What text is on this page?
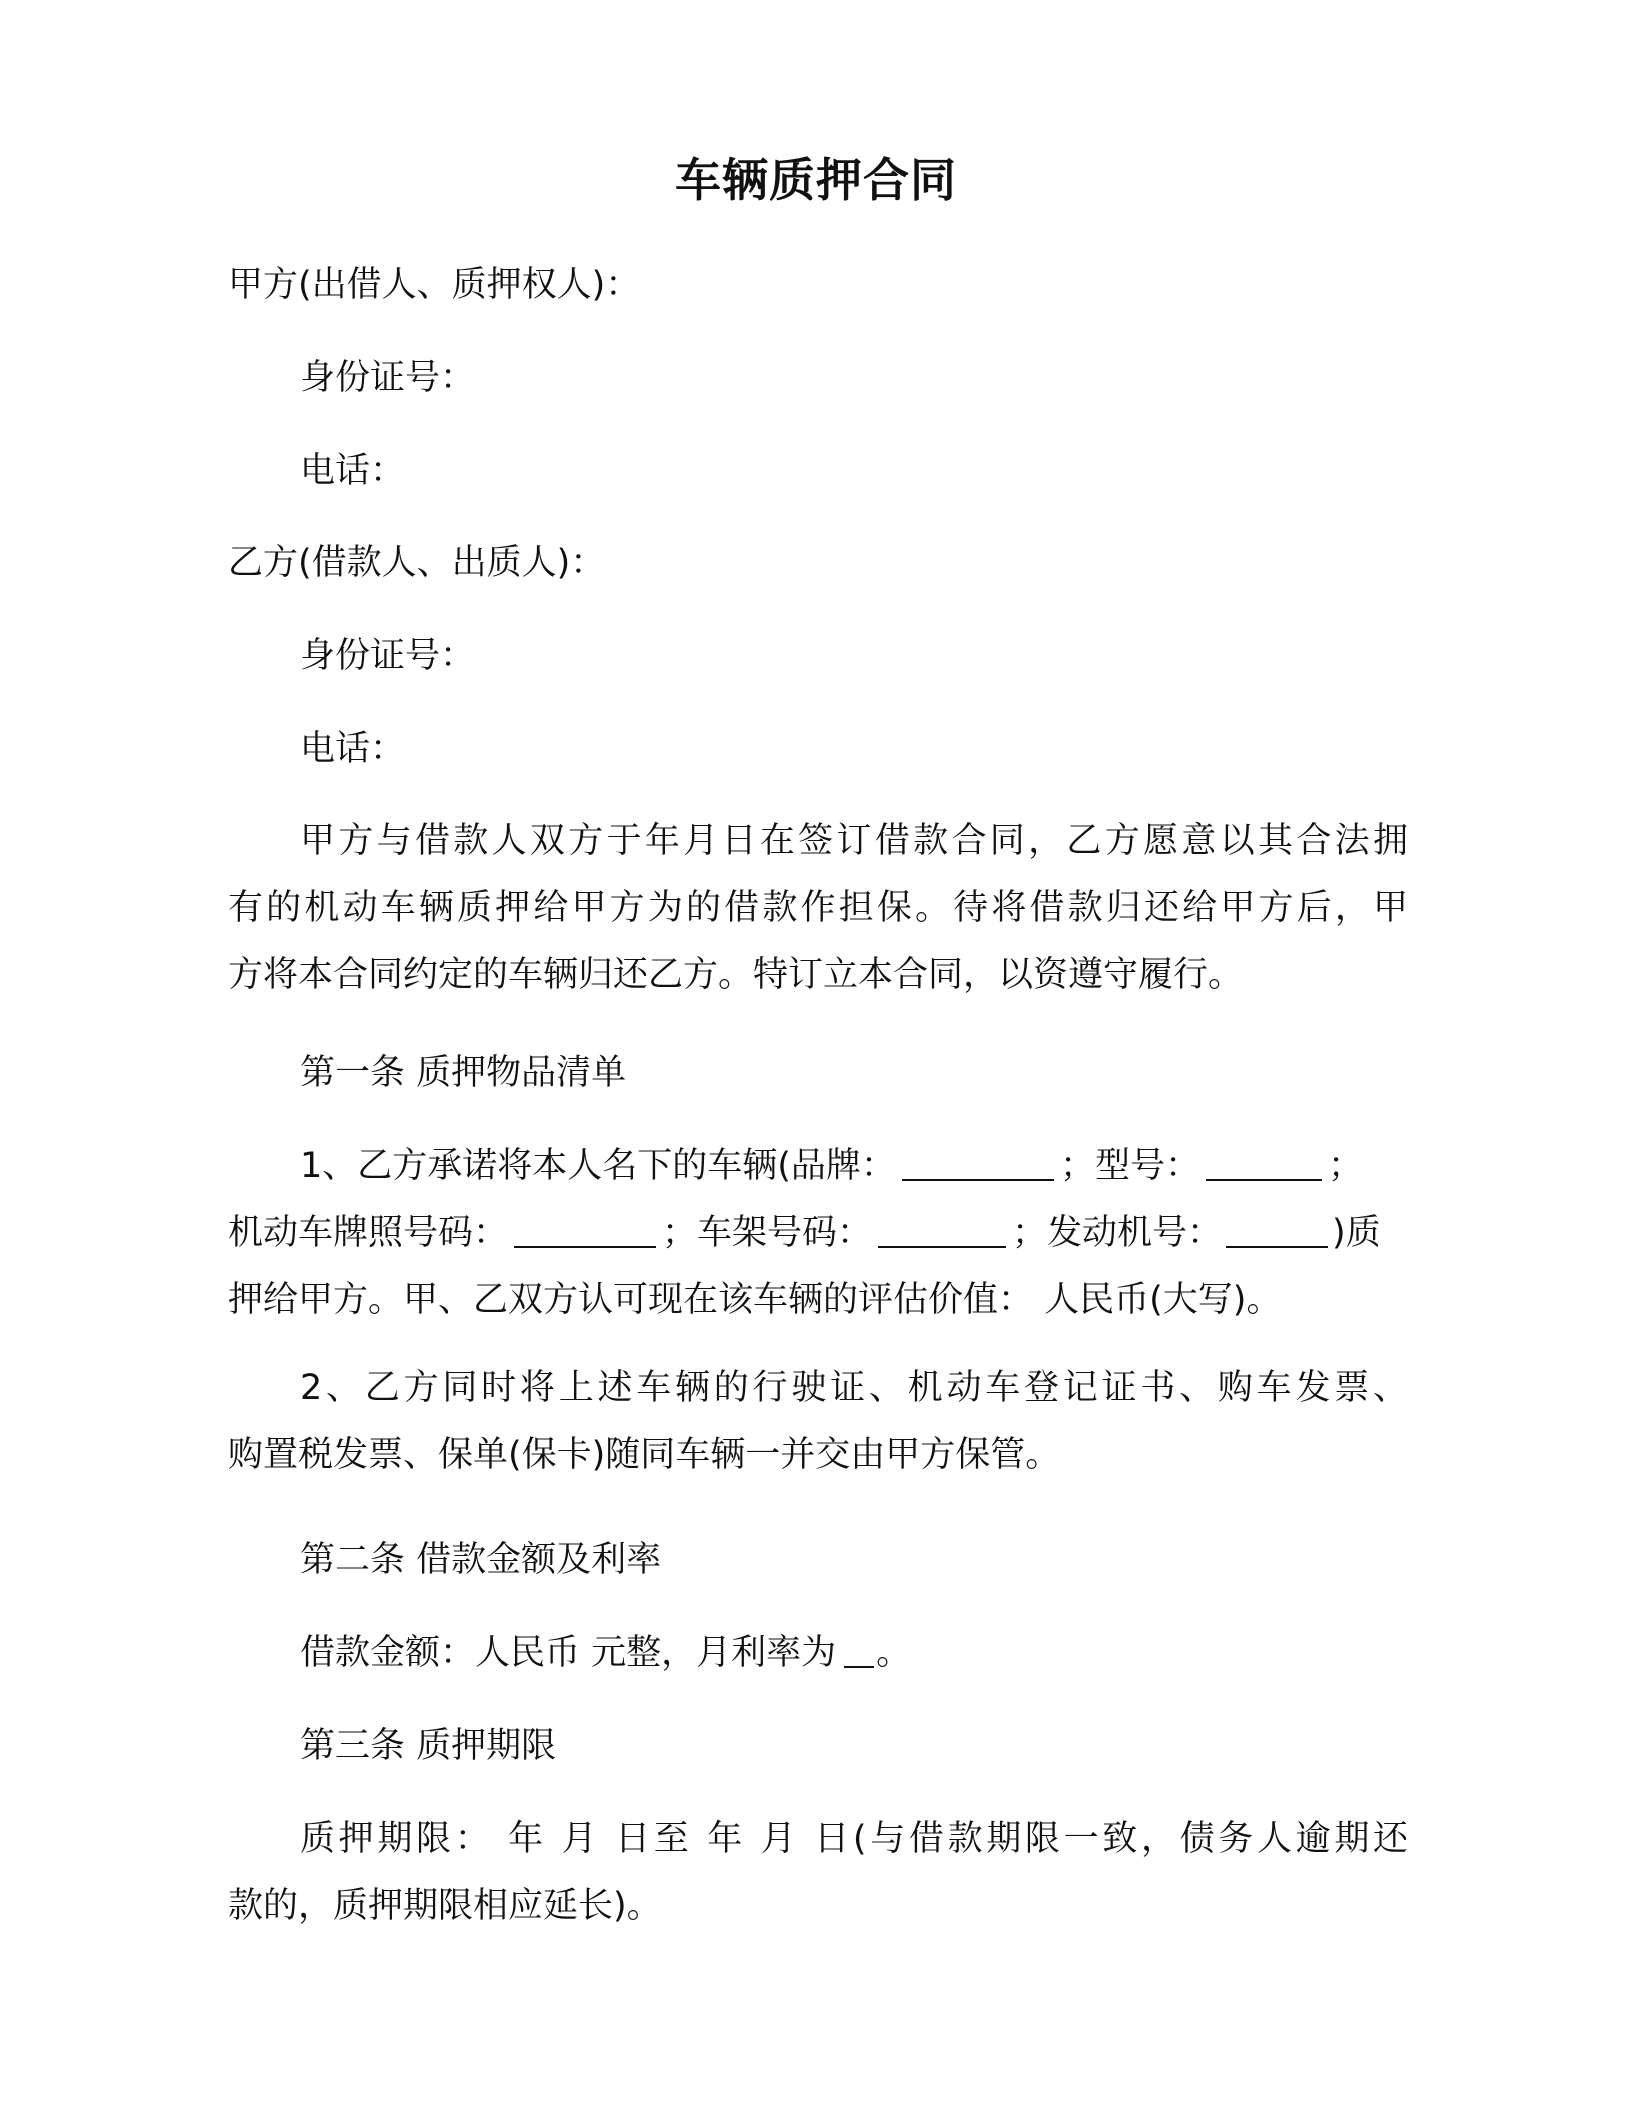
车辆质押合同
甲方(出借人、质押权人)：
身份证号：
电话：
乙方(借款人、出质人)：
身份证号：
电话：
甲方与借款人双方于年月日在签订借款合同，乙方愿意以其合法拥
有的机动车辆质押给甲方为的借款作担保。待将借款归还给甲方后，甲
方将本合同约定的车辆归还乙方。特订立本合同，以资遵守履行。
第一条 质押物品清单
1、乙方承诺将本人名下的车辆(品牌：	；型号：	；
机动车牌照号码：	；车架号码：	；发动机号：	)质
押给甲方。甲、乙双方认可现在该车辆的评估价值： 人民币(大写)。
2、乙方同时将上述车辆的行驶证、机动车登记证书、购车发票、
购置税发票、保单(保卡)随同车辆一并交由甲方保管。
第二条 借款金额及利率
借款金额：人民币 元整，月利率为 。
第三条 质押期限
质押期限： 年 月 日至 年 月 日(与借款期限一致，债务人逾期还
款的，质押期限相应延长)。
